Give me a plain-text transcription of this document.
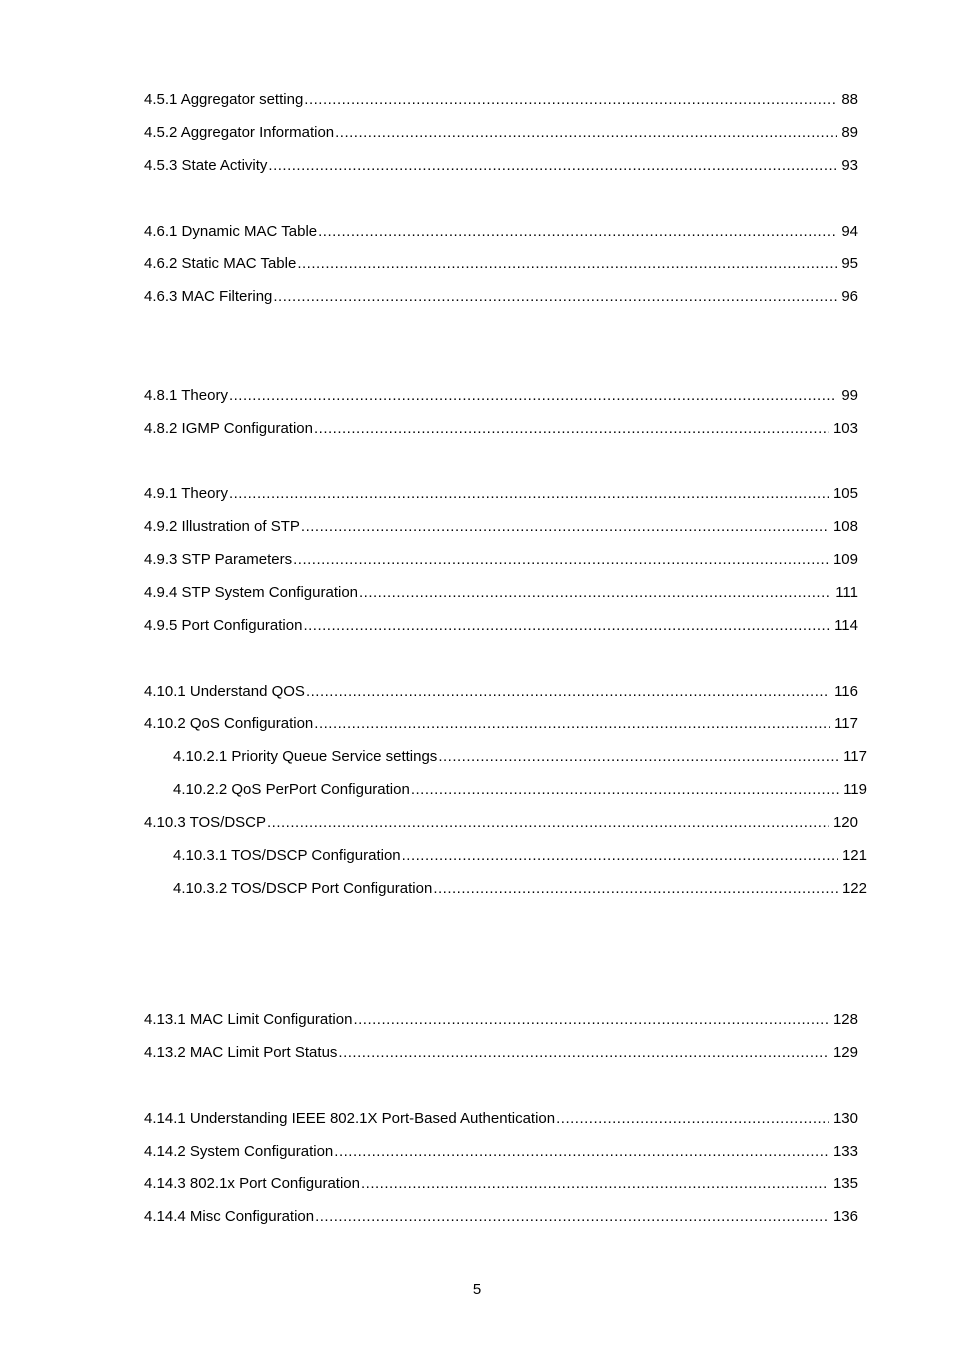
4.5.1 Aggregator setting .....	88
4.5.2 Aggregator Information .....	89
4.5.3 State Activity .....	93
4.6.1 Dynamic MAC Table .....	94
4.6.2 Static MAC Table .....	95
4.6.3 MAC Filtering .....	96
4.8.1 Theory .....	99
4.8.2 IGMP Configuration .....	103
4.9.1 Theory .....	105
4.9.2 Illustration of STP .....	108
4.9.3 STP Parameters .....	109
4.9.4 STP System Configuration .....	111
4.9.5 Port Configuration .....	114
4.10.1 Understand QOS .....	116
4.10.2 QoS Configuration .....	117
4.10.2.1 Priority Queue Service settings .....	117
4.10.2.2 QoS PerPort Configuration .....	119
4.10.3 TOS/DSCP .....	120
4.10.3.1 TOS/DSCP Configuration .....	121
4.10.3.2 TOS/DSCP Port Configuration .....	122
4.13.1 MAC Limit Configuration .....	128
4.13.2 MAC Limit Port Status .....	129
4.14.1 Understanding IEEE 802.1X Port-Based Authentication .....	130
4.14.2 System Configuration .....	133
4.14.3 802.1x Port Configuration .....	135
4.14.4 Misc Configuration .....	136
5
